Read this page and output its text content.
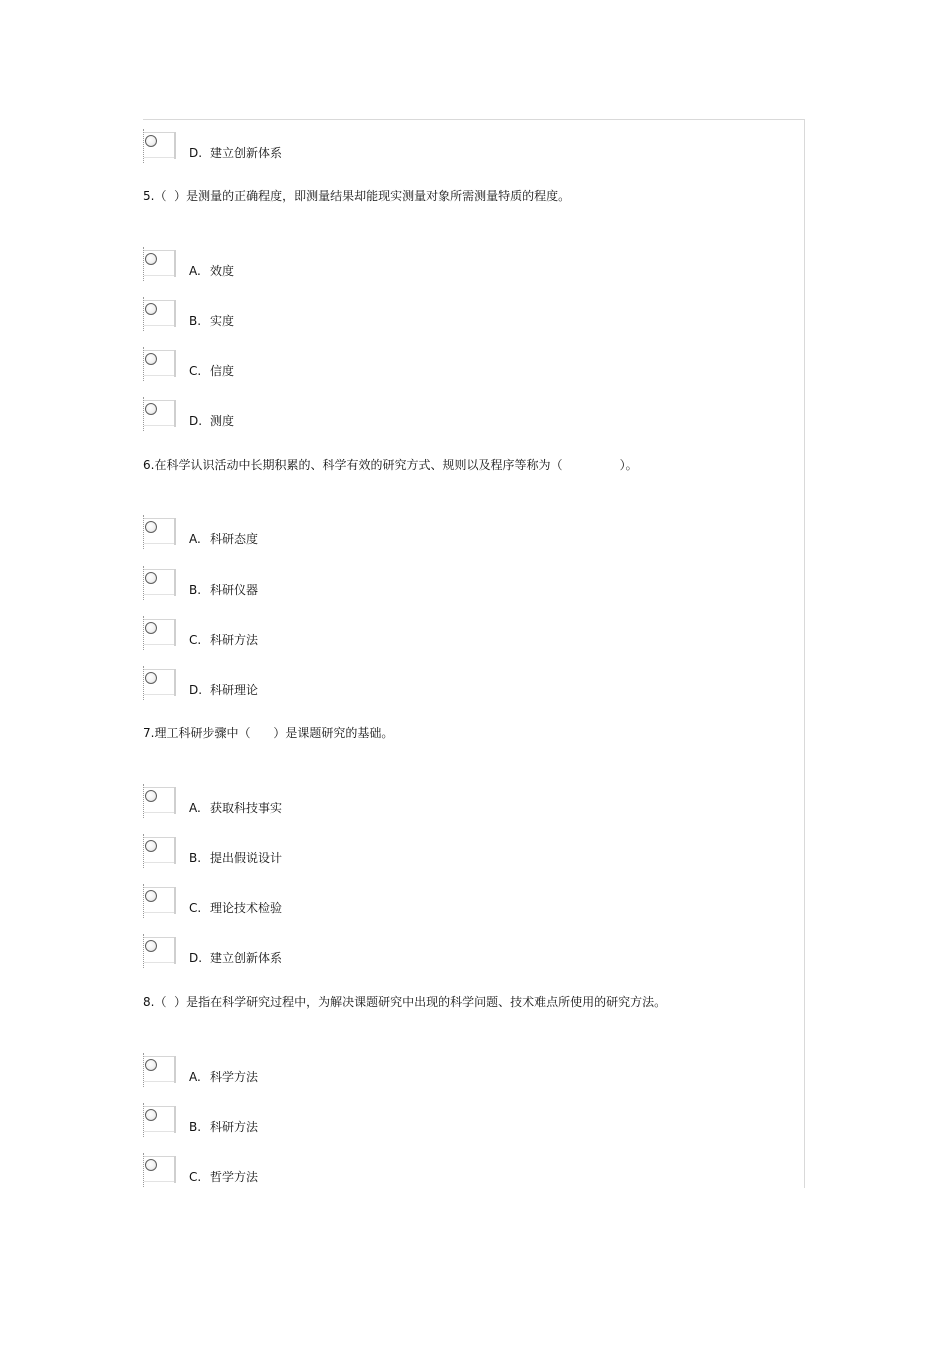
D. 建立创新体系
5.（  ）是测量的正确程度，即测量结果却能现实测量对象所需测量特质的程度。
A. 效度
B. 实度
C. 信度
D. 测度
6.在科学认识活动中长期积累的、科学有效的研究方式、规则以及程序等称为（               ）。
A. 科研态度
B. 科研仪器
C. 科研方法
D. 科研理论
7.理工科研步骤中（      ）是课题研究的基础。
A. 获取科技事实
B. 提出假说设计
C. 理论技术检验
D. 建立创新体系
8.（  ）是指在科学研究过程中，为解决课题研究中出现的科学问题、技术难点所使用的研究方法。
A. 科学方法
B. 科研方法
C. 哲学方法
